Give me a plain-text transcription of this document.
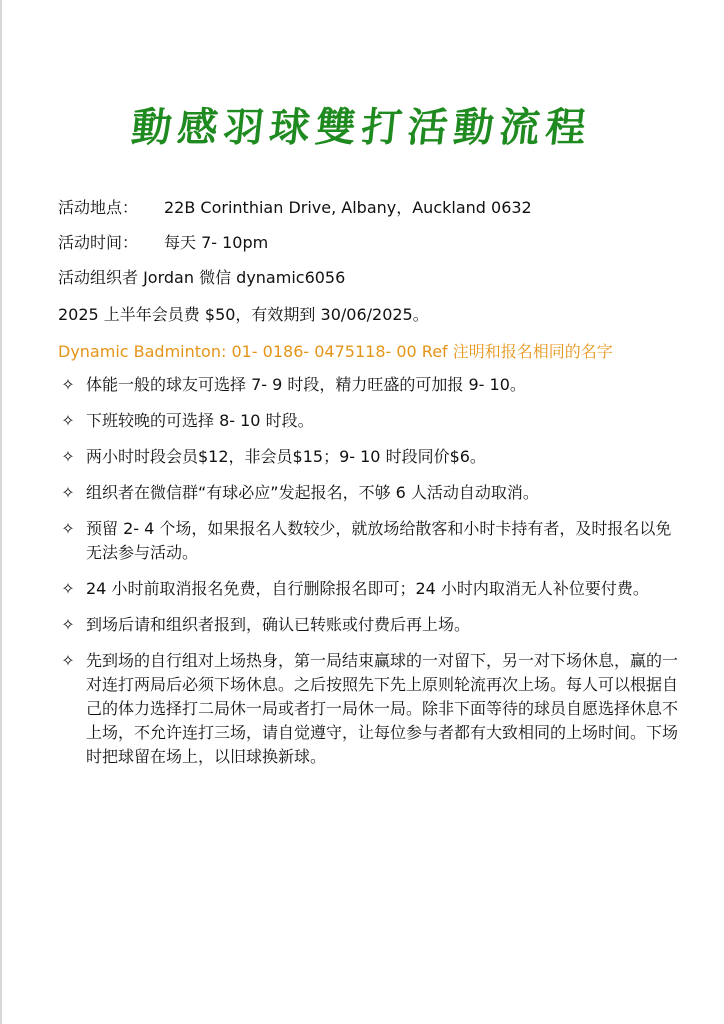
動感羽球雙打活動流程
活动地点： 22B Corinthian Drive, Albany，Auckland 0632
活动时间： 每天 7- 10pm
活动组织者 Jordan 微信 dynamic6056
2025 上半年会员费 $50，有效期到 30/06/2025。
Dynamic Badminton: 01- 0186- 0475118- 00 Ref 注明和报名相同的名字
✧ 体能一般的球友可选择 7- 9 时段，精力旺盛的可加报 9- 10。
✧ 下班较晚的可选择 8- 10 时段。
✧ 两小时时段会员$12，非会员$15；9- 10 时段同价$6。
✧ 组织者在微信群“有球必应”发起报名，不够 6 人活动自动取消。
✧ 预留 2- 4 个场，如果报名人数较少，就放场给散客和小时卡持有者，及时报名以免无法参与活动。
✧ 24 小时前取消报名免费，自行删除报名即可；24 小时内取消无人补位要付费。
✧ 到场后请和组织者报到，确认已转账或付费后再上场。
✧ 先到场的自行组对上场热身，第一局结束赢球的一对留下，另一对下场休息，赢的一对连打两局后必须下场休息。之后按照先下先上原则轮流再次上场。每人可以根据自己的体力选择打二局休一局或者打一局休一局。除非下面等待的球员自愿选择休息不上场，不允许连打三场，请自觉遵守，让每位参与者都有大致相同的上场时间。下场时把球留在场上，以旧球换新球。
